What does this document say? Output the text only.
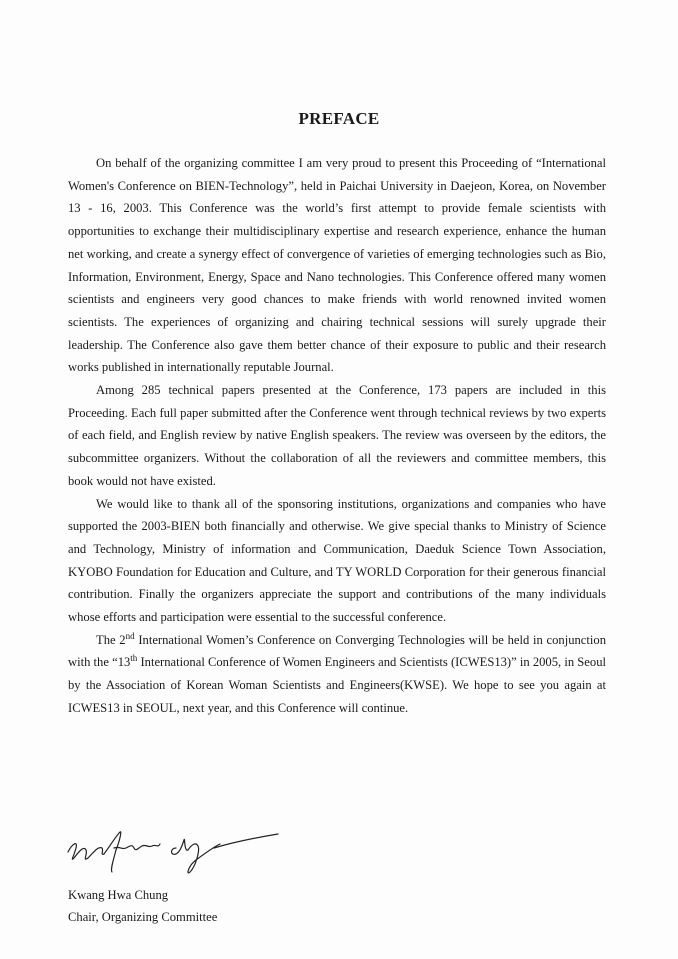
PREFACE

On behalf of the organizing committee I am very proud to present this Proceeding of “International Women's Conference on BIEN-Technology”, held in Paichai University in Daejeon, Korea, on November 13 - 16, 2003. This Conference was the world’s first attempt to provide female scientists with opportunities to exchange their multidisciplinary expertise and research experience, enhance the human net working, and create a synergy effect of convergence of varieties of emerging technologies such as Bio, Information, Environment, Energy, Space and Nano technologies. This Conference offered many women scientists and engineers very good chances to make friends with world renowned invited women scientists. The experiences of organizing and chairing technical sessions will surely upgrade their leadership. The Conference also gave them better chance of their exposure to public and their research works published in internationally reputable Journal.

Among 285 technical papers presented at the Conference, 173 papers are included in this Proceeding. Each full paper submitted after the Conference went through technical reviews by two experts of each field, and English review by native English speakers. The review was overseen by the editors, the subcommittee organizers. Without the collaboration of all the reviewers and committee members, this book would not have existed.

We would like to thank all of the sponsoring institutions, organizations and companies who have supported the 2003-BIEN both financially and otherwise. We give special thanks to Ministry of Science and Technology, Ministry of information and Communication, Daeduk Science Town Association, KYOBO Foundation for Education and Culture, and TY WORLD Corporation for their generous financial contribution. Finally the organizers appreciate the support and contributions of the many individuals whose efforts and participation were essential to the successful conference.

The 2nd International Women’s Conference on Converging Technologies will be held in conjunction with the “13th International Conference of Women Engineers and Scientists (ICWES13)” in 2005, in Seoul by the Association of Korean Woman Scientists and Engineers(KWSE). We hope to see you again at ICWES13 in SEOUL, next year, and this Conference will continue.

Kwang Hwa Chung
Chair, Organizing Committee
